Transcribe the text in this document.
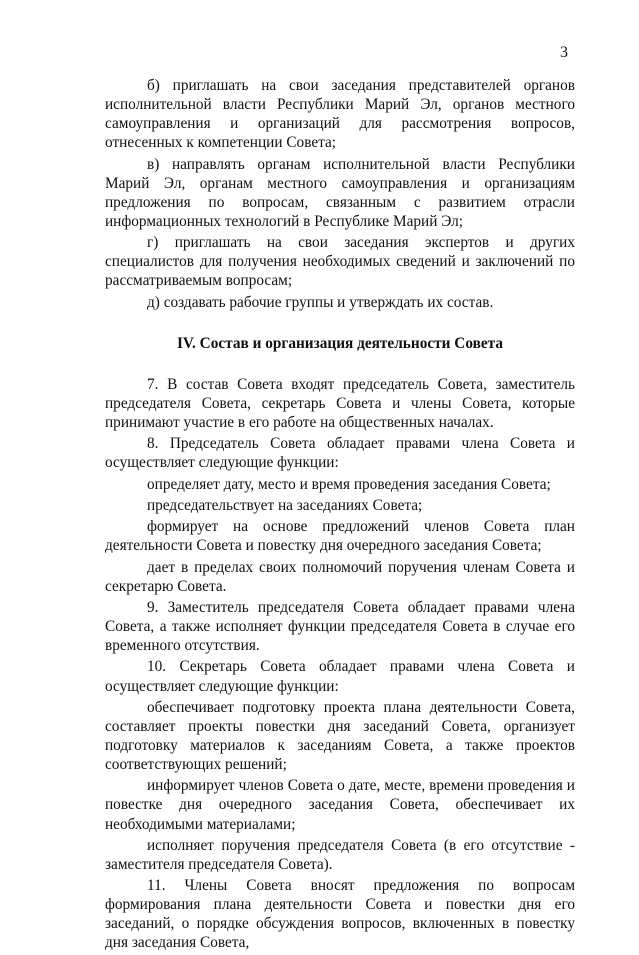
3

б) приглашать на свои заседания представителей органов исполнительной власти Республики Марий Эл, органов местного самоуправления и организаций для рассмотрения вопросов, отнесенных к компетенции Совета;

в) направлять органам исполнительной власти Республики Марий Эл, органам местного самоуправления и организациям предложения по вопросам, связанным с развитием отрасли информационных технологий в Республике Марий Эл;

г) приглашать на свои заседания экспертов и других специалистов для получения необходимых сведений и заключений по рассматриваемым вопросам;

д) создавать рабочие группы и утверждать их состав.

IV. Состав и организация деятельности Совета

7. В состав Совета входят председатель Совета, заместитель председателя Совета, секретарь Совета и члены Совета, которые принимают участие в его работе на общественных началах.

8. Председатель Совета обладает правами члена Совета и осуществляет следующие функции:

определяет дату, место и время проведения заседания Совета;

председательствует на заседаниях Совета;

формирует на основе предложений членов Совета план деятельности Совета и повестку дня очередного заседания Совета;

дает в пределах своих полномочий поручения членам Совета и секретарю Совета.

9. Заместитель председателя Совета обладает правами члена Совета, а также исполняет функции председателя Совета в случае его временного отсутствия.

10. Секретарь Совета обладает правами члена Совета и осуществляет следующие функции:

обеспечивает подготовку проекта плана деятельности Совета, составляет проекты повестки дня заседаний Совета, организует подготовку материалов к заседаниям Совета, а также проектов соответствующих решений;

информирует членов Совета о дате, месте, времени проведения и повестке дня очередного заседания Совета, обеспечивает их необходимыми материалами;

исполняет поручения председателя Совета (в его отсутствие - заместителя председателя Совета).

11. Члены Совета вносят предложения по вопросам формирования плана деятельности Совета и повестки дня его заседаний, о порядке обсуждения вопросов, включенных в повестку дня заседания Совета,
